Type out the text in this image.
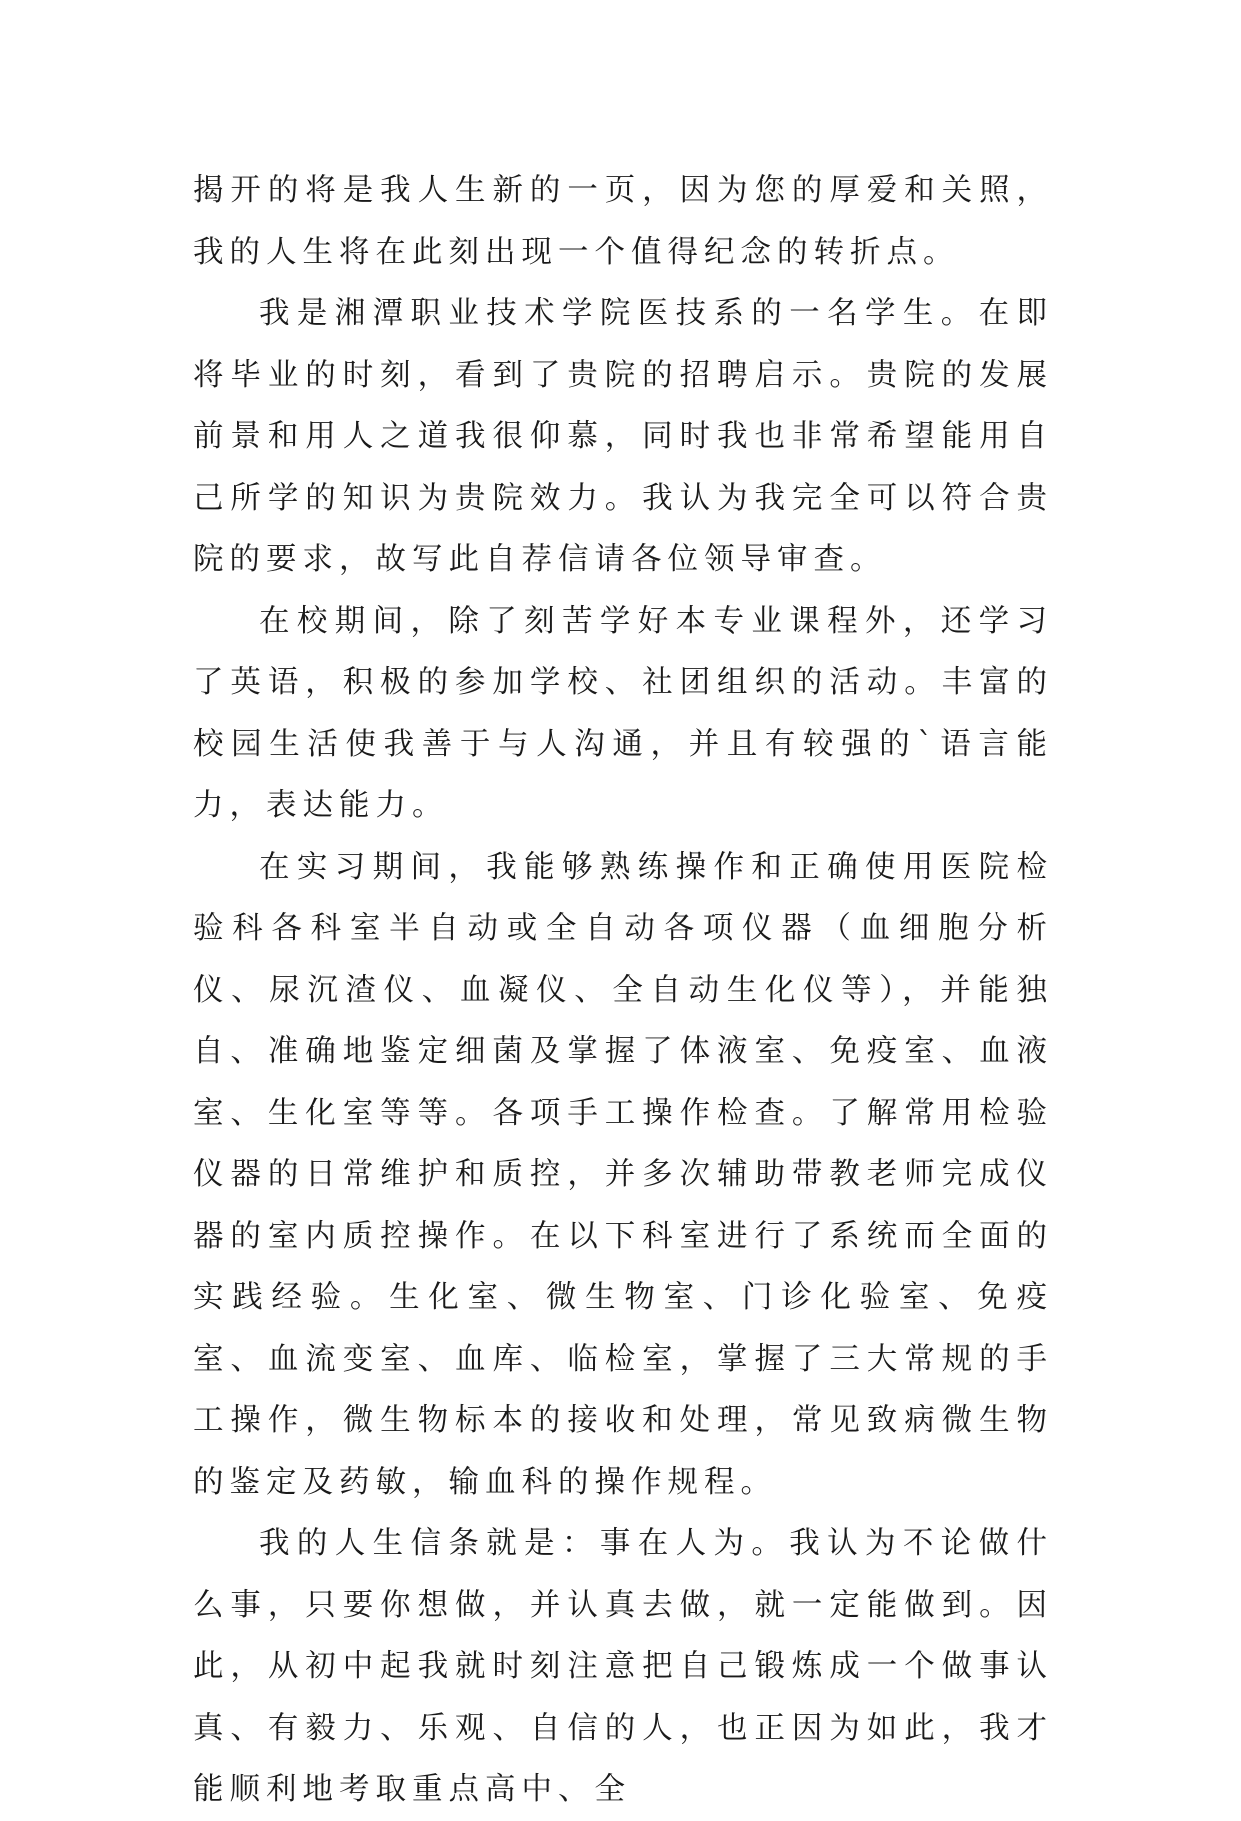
揭开的将是我人生新的一页，因为您的厚爱和关照，我的人生将在此刻出现一个值得纪念的转折点。

我是湘潭职业技术学院医技系的一名学生。在即将毕业的时刻，看到了贵院的招聘启示。贵院的发展前景和用人之道我很仰慕，同时我也非常希望能用自己所学的知识为贵院效力。我认为我完全可以符合贵院的要求，故写此自荐信请各位领导审查。

在校期间，除了刻苦学好本专业课程外，还学习了英语，积极的参加学校、社团组织的活动。丰富的校园生活使我善于与人沟通，并且有较强的`语言能力，表达能力。

在实习期间，我能够熟练操作和正确使用医院检验科各科室半自动或全自动各项仪器（血细胞分析仪、尿沉渣仪、血凝仪、全自动生化仪等），并能独自、准确地鉴定细菌及掌握了体液室、免疫室、血液室、生化室等等。各项手工操作检查。了解常用检验仪器的日常维护和质控，并多次辅助带教老师完成仪器的室内质控操作。在以下科室进行了系统而全面的实践经验。生化室、微生物室、门诊化验室、免疫室、血流变室、血库、临检室，掌握了三大常规的手工操作，微生物标本的接收和处理，常见致病微生物的鉴定及药敏，输血科的操作规程。

我的人生信条就是：事在人为。我认为不论做什么事，只要你想做，并认真去做，就一定能做到。因此，从初中起我就时刻注意把自己锻炼成一个做事认真、有毅力、乐观、自信的人，也正因为如此，我才能顺利地考取重点高中、全
